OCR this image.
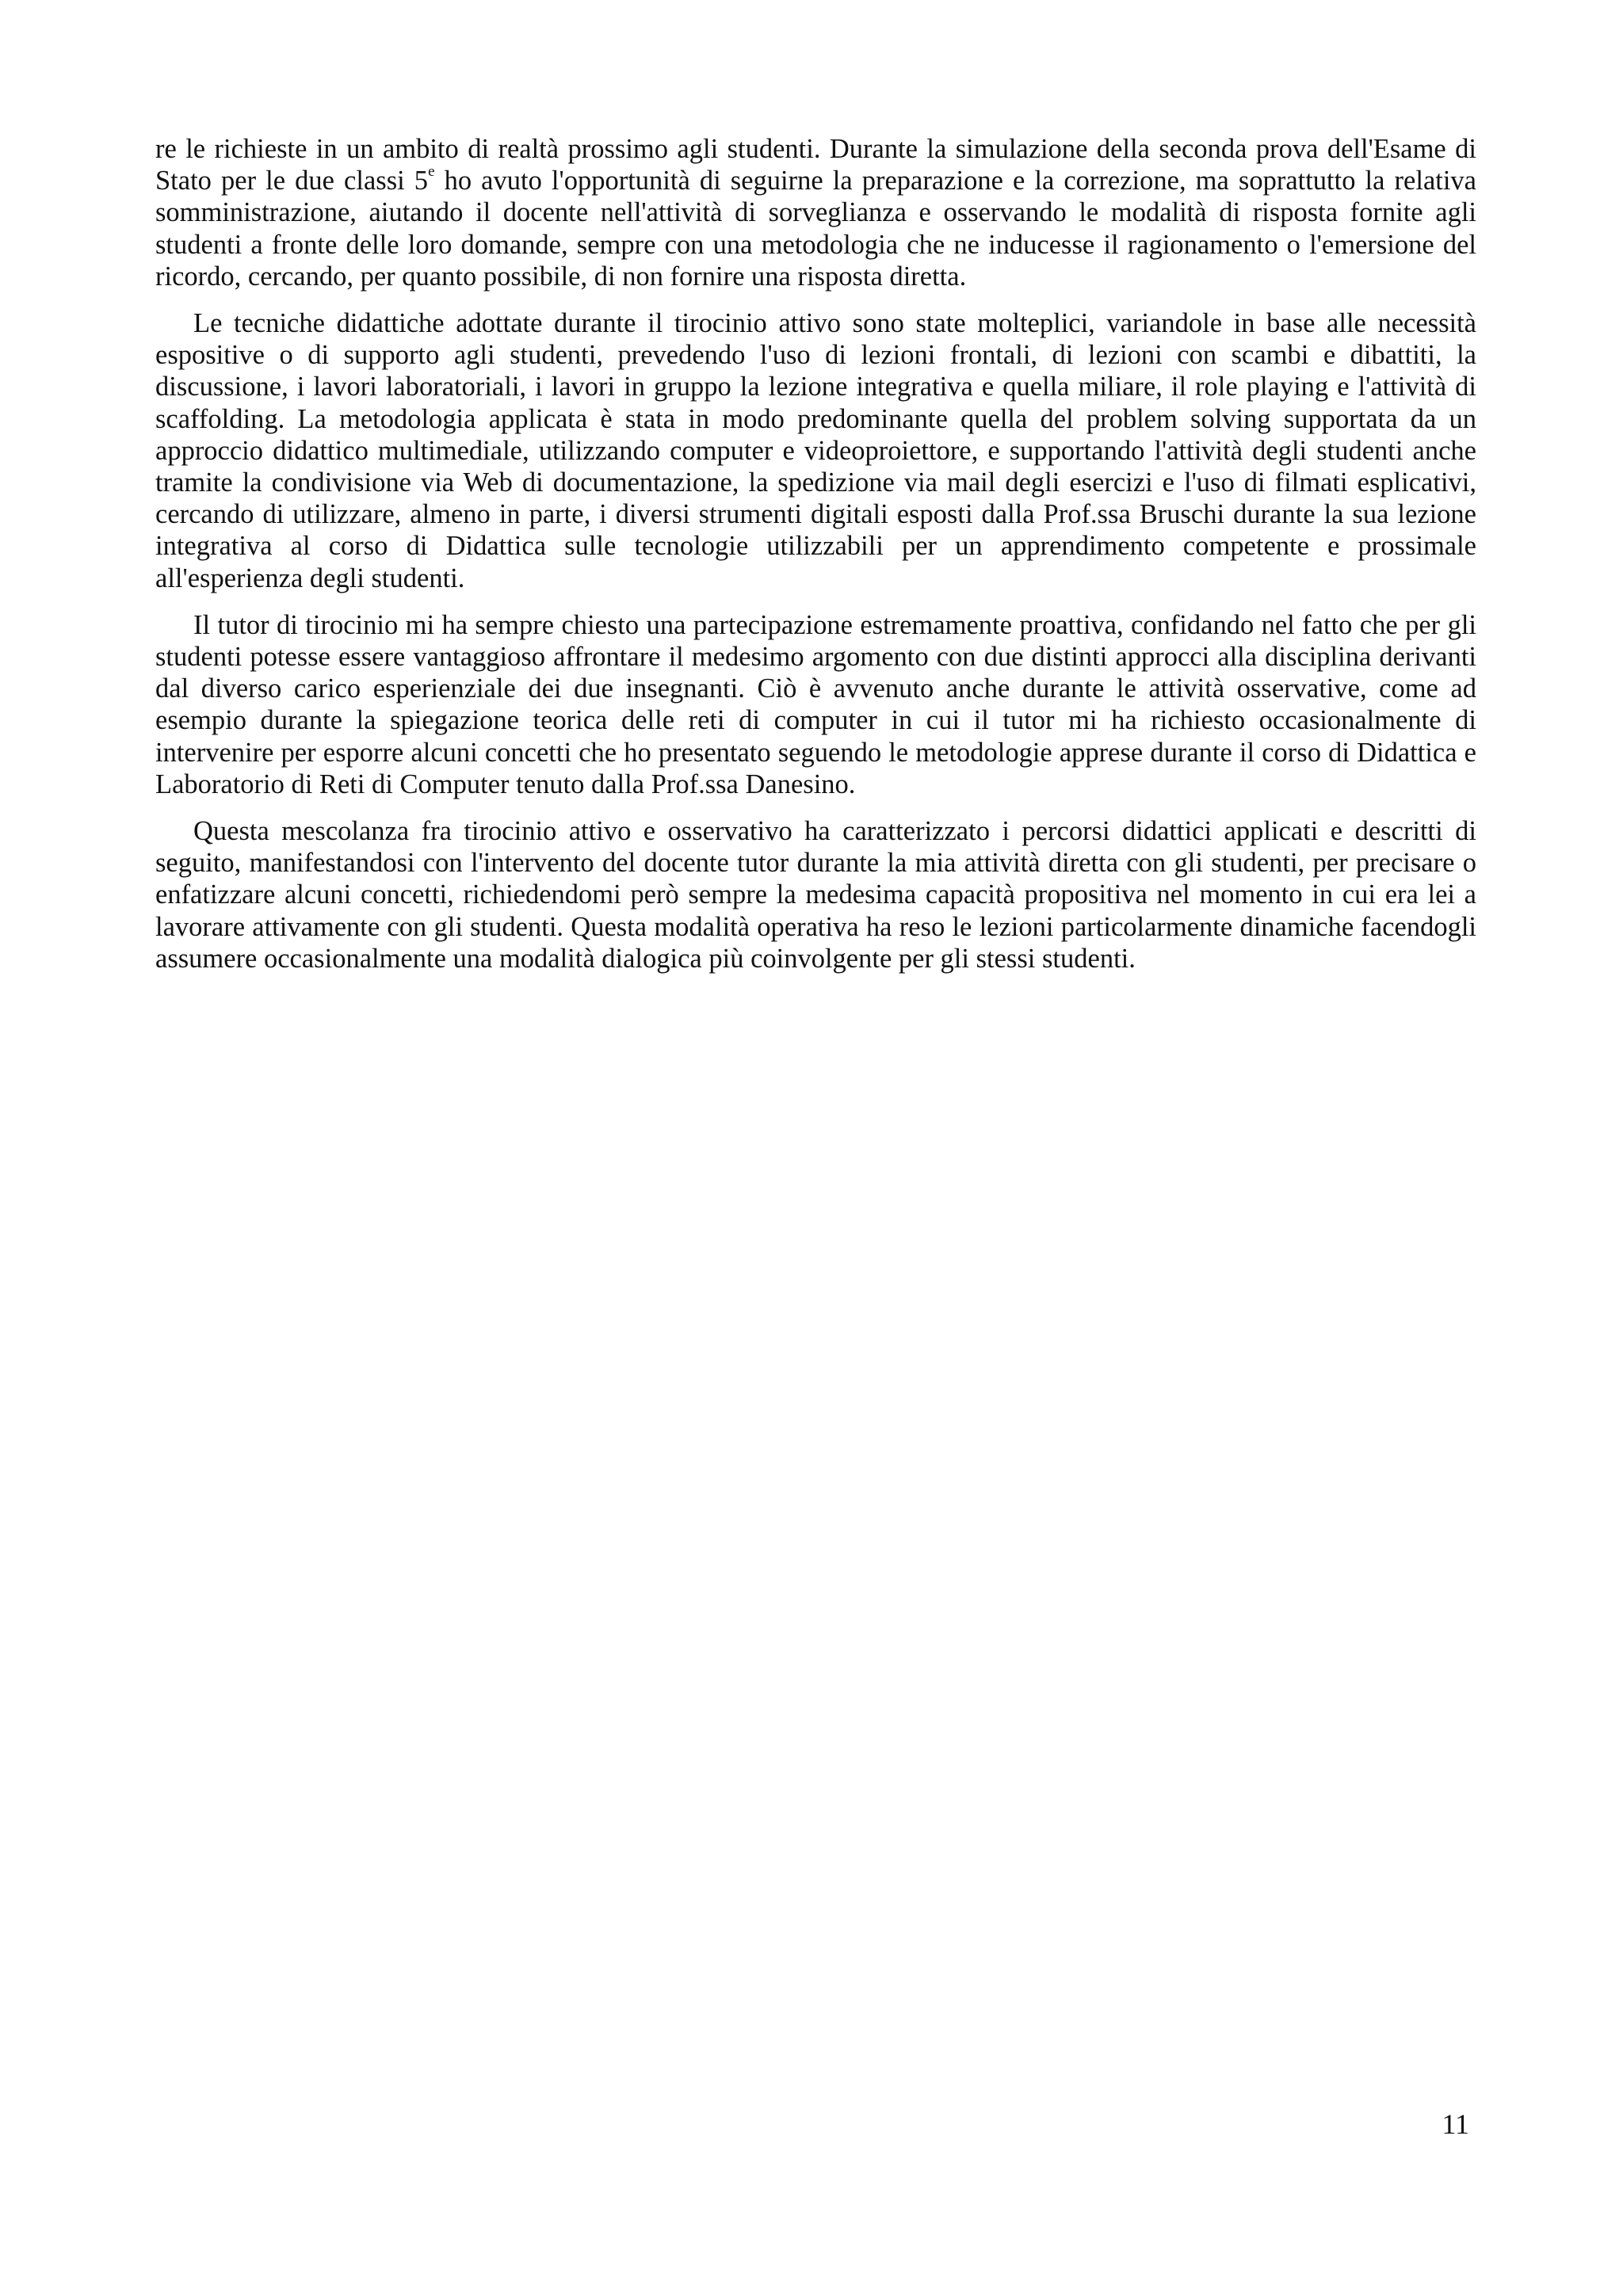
re le richieste in un ambito di realtà prossimo agli studenti. Durante la simulazione della seconda prova dell'Esame di Stato per le due classi 5e ho avuto l'opportunità di seguirne la preparazione e la correzione, ma soprattutto la relativa somministrazione, aiutando il docente nell'attività di sorveglianza e osservando le modalità di risposta fornite agli studenti a fronte delle loro domande, sempre con una metodologia che ne inducesse il ragionamento o l'emersione del ricordo, cercando, per quanto possibile, di non fornire una risposta diretta.

Le tecniche didattiche adottate durante il tirocinio attivo sono state molteplici, variandole in base alle necessità espositive o di supporto agli studenti, prevedendo l'uso di lezioni frontali, di lezioni con scambi e dibattiti, la discussione, i lavori laboratoriali, i lavori in gruppo la lezione integrativa e quella miliare, il role playing e l'attività di scaffolding. La metodologia applicata è stata in modo predominante quella del problem solving supportata da un approccio didattico multimediale, utilizzando computer e videoproiettore, e supportando l'attività degli studenti anche tramite la condivisione via Web di documentazione, la spedizione via mail degli esercizi e l'uso di filmati esplicativi, cercando di utilizzare, almeno in parte, i diversi strumenti digitali esposti dalla Prof.ssa Bruschi durante la sua lezione integrativa al corso di Didattica sulle tecnologie utilizzabili per un apprendimento competente e prossimale all'esperienza degli studenti.

Il tutor di tirocinio mi ha sempre chiesto una partecipazione estremamente proattiva, confidando nel fatto che per gli studenti potesse essere vantaggioso affrontare il medesimo argomento con due distinti approcci alla disciplina derivanti dal diverso carico esperienziale dei due insegnanti. Ciò è avvenuto anche durante le attività osservative, come ad esempio durante la spiegazione teorica delle reti di computer in cui il tutor mi ha richiesto occasionalmente di intervenire per esporre alcuni concetti che ho presentato seguendo le metodologie apprese durante il corso di Didattica e Laboratorio di Reti di Computer tenuto dalla Prof.ssa Danesino.

Questa mescolanza fra tirocinio attivo e osservativo ha caratterizzato i percorsi didattici applicati e descritti di seguito, manifestandosi con l'intervento del docente tutor durante la mia attività diretta con gli studenti, per precisare o enfatizzare alcuni concetti, richiedendomi però sempre la medesima capacità propositiva nel momento in cui era lei a lavorare attivamente con gli studenti. Questa modalità operativa ha reso le lezioni particolarmente dinamiche facendogli assumere occasionalmente una modalità dialogica più coinvolgente per gli stessi studenti.

11
